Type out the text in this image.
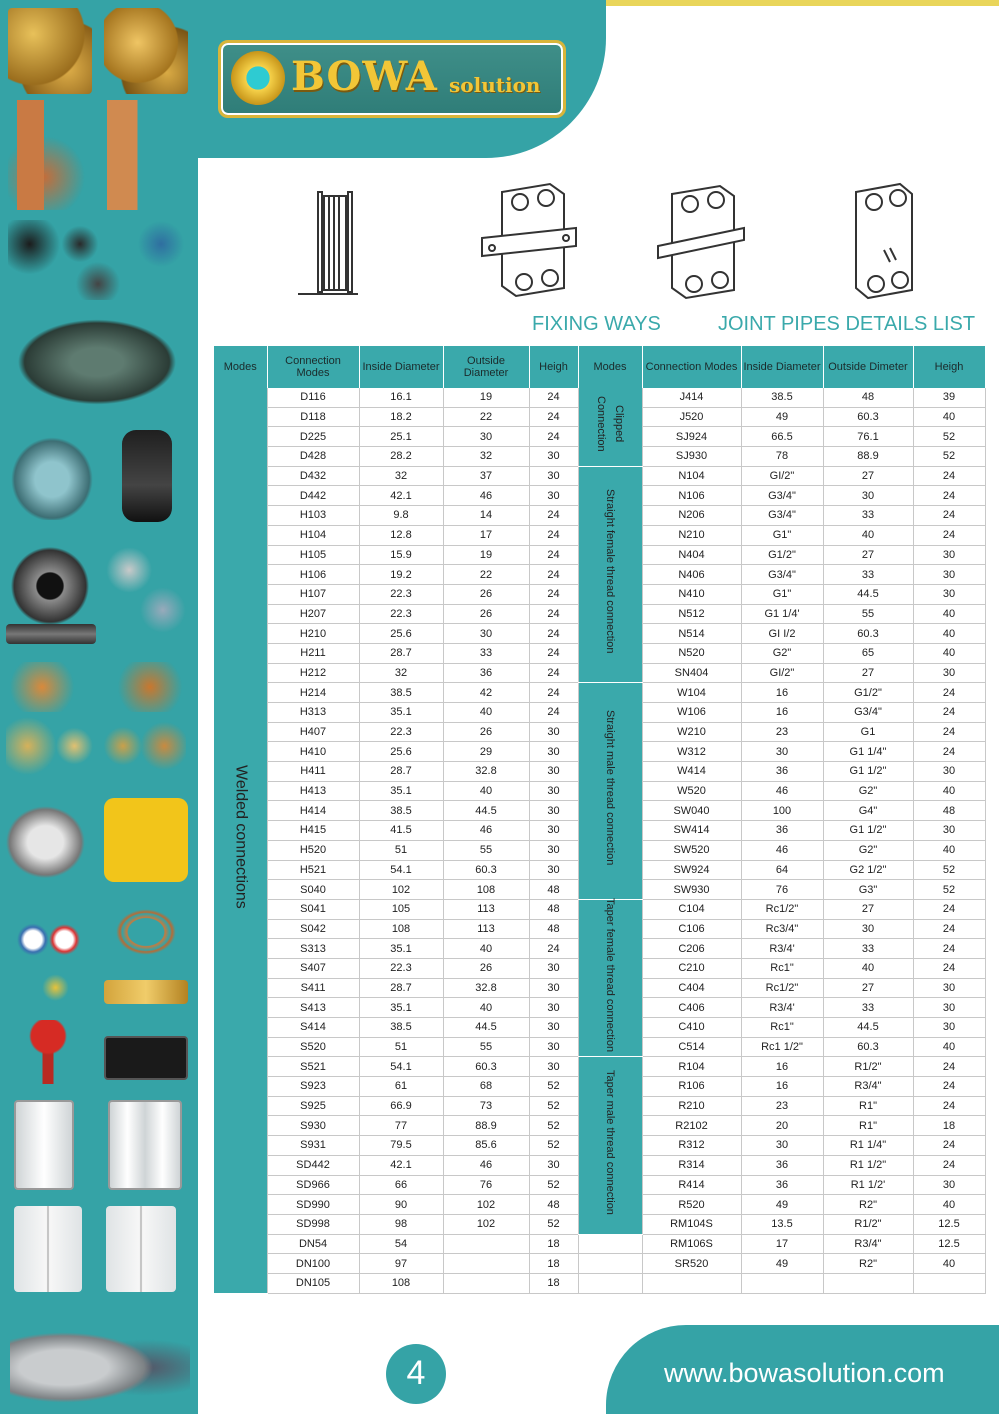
BOWA solution
FIXING WAYS	JOINT PIPES DETAILS LIST
Modes	Connection Modes	Inside Diameter	Outside Diameter	Heigh	Modes	Connection Modes	Inside Diameter	Outside Dimeter	Heigh
Welded connections	D116	16.1	19	24	Clipped Connection	J414	38.5	48	39
	D118	18.2	22	24		J520	49	60.3	40
	D225	25.1	30	24		SJ924	66.5	76.1	52
	D428	28.2	32	30		SJ930	78	88.9	52
	D432	32	37	30	Straight female thread connection	N104	GI/2"	27	24
	D442	42.1	46	30		N106	G3/4"	30	24
	H103	9.8	14	24		N206	G3/4"	33	24
	H104	12.8	17	24		N210	G1"	40	24
	H105	15.9	19	24		N404	G1/2"	27	30
	H106	19.2	22	24		N406	G3/4"	33	30
	H107	22.3	26	24		N410	G1"	44.5	30
	H207	22.3	26	24		N512	G1 1/4'	55	40
	H210	25.6	30	24		N514	GI I/2	60.3	40
	H211	28.7	33	24		N520	G2"	65	40
	H212	32	36	24		SN404	GI/2"	27	30
	H214	38.5	42	24	Straight male thread connection	W104	16	G1/2"	24
	H313	35.1	40	24		W106	16	G3/4"	24
	H407	22.3	26	30		W210	23	G1	24
	H410	25.6	29	30		W312	30	G1 1/4"	24
	H411	28.7	32.8	30		W414	36	G1 1/2"	30
	H413	35.1	40	30		W520	46	G2"	40
	H414	38.5	44.5	30		SW040	100	G4"	48
	H415	41.5	46	30		SW414	36	G1 1/2"	30
	H520	51	55	30		SW520	46	G2"	40
	H521	54.1	60.3	30		SW924	64	G2 1/2"	52
	S040	102	108	48		SW930	76	G3"	52
	S041	105	113	48	Taper female thread connection	C104	Rc1/2"	27	24
	S042	108	113	48		C106	Rc3/4"	30	24
	S313	35.1	40	24		C206	R3/4'	33	24
	S407	22.3	26	30		C210	Rc1"	40	24
	S411	28.7	32.8	30		C404	Rc1/2"	27	30
	S413	35.1	40	30		C406	R3/4'	33	30
	S414	38.5	44.5	30		C410	Rc1"	44.5	30
	S520	51	55	30		C514	Rc1 1/2"	60.3	40
	S521	54.1	60.3	30	Taper male thread connection	R104	16	R1/2"	24
	S923	61	68	52		R106	16	R3/4"	24
	S925	66.9	73	52		R210	23	R1"	24
	S930	77	88.9	52		R2102	20	R1"	18
	S931	79.5	85.6	52		R312	30	R1 1/4"	24
	SD442	42.1	46	30		R314	36	R1 1/2"	24
	SD966	66	76	52		R414	36	R1 1/2'	30
	SD990	90	102	48		R520	49	R2"	40
	SD998	98	102	52		RM104S	13.5	R1/2"	12.5
	DN54	54		18		RM106S	17	R3/4"	12.5
	DN100	97		18		SR520	49	R2"	40
	DN105	108		18					
4	www.bowasolution.com
